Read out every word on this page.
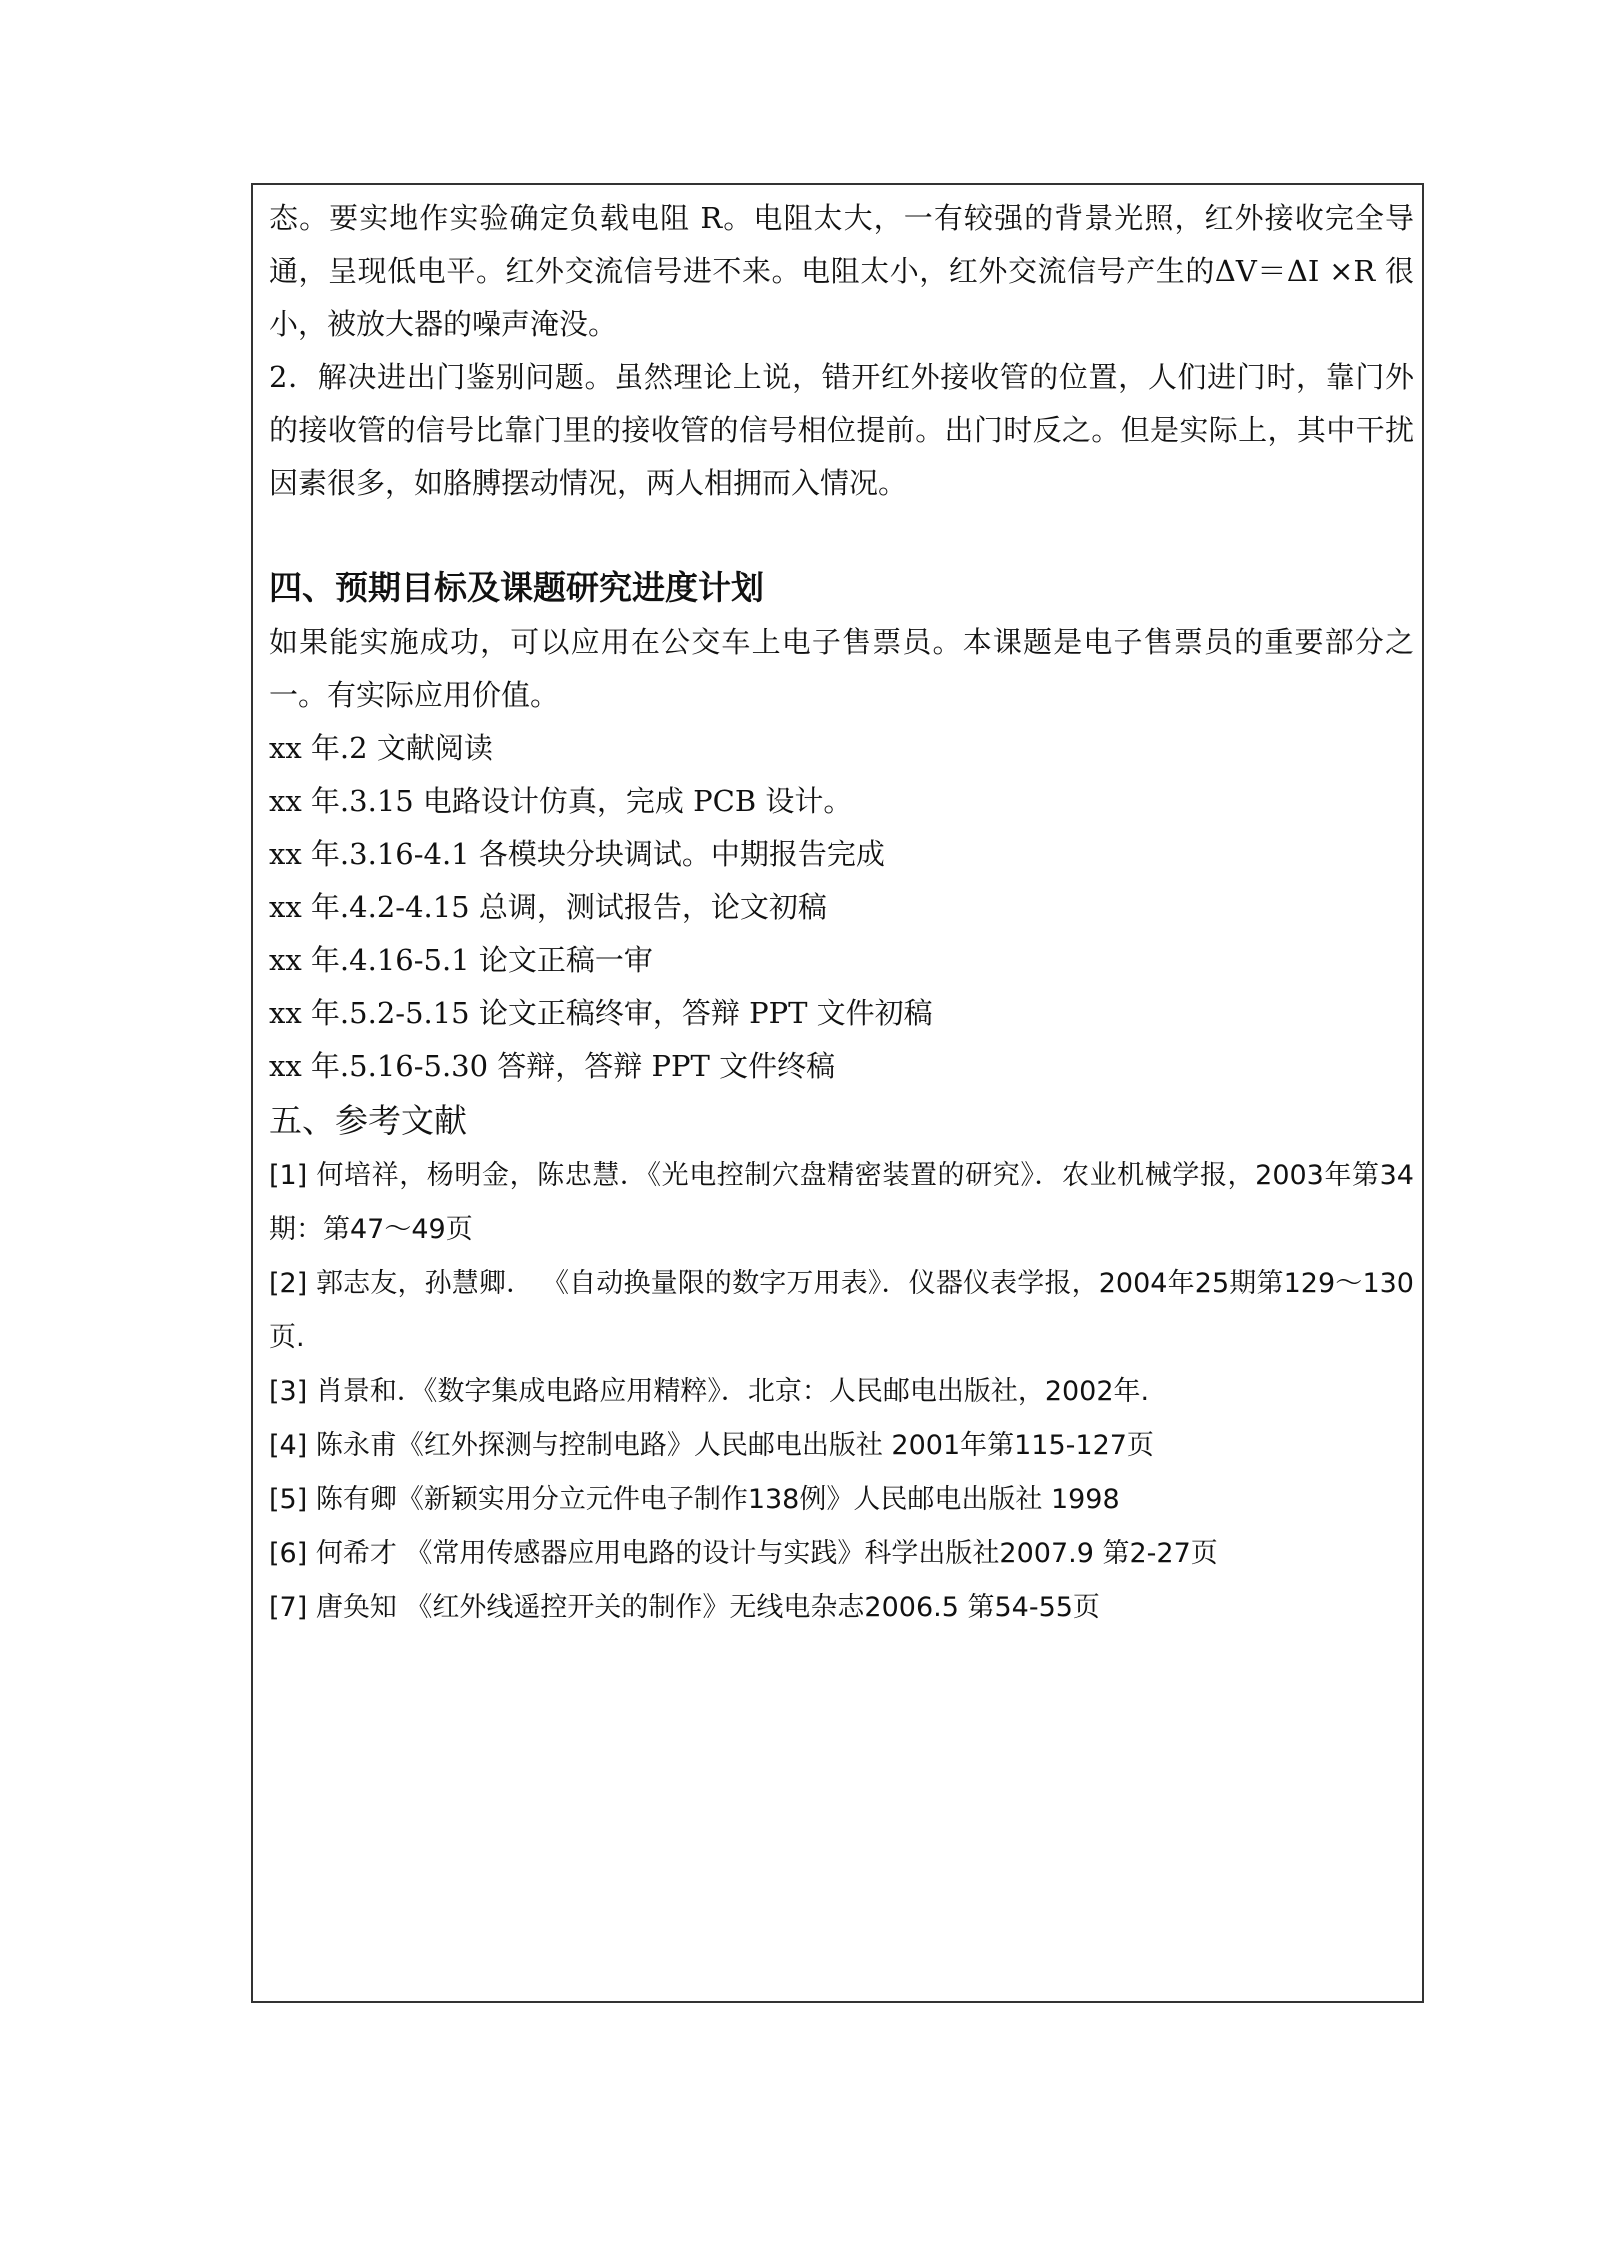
态。要实地作实验确定负载电阻 R。电阻太大，一有较强的背景光照，红外接收完全导通，呈现低电平。红外交流信号进不来。电阻太小，红外交流信号产生的ΔV＝ΔI ×R 很小，被放大器的噪声淹没。

2．解决进出门鉴别问题。虽然理论上说，错开红外接收管的位置，人们进门时，靠门外的接收管的信号比靠门里的接收管的信号相位提前。出门时反之。但是实际上，其中干扰因素很多，如胳膊摆动情况，两人相拥而入情况。

四、预期目标及课题研究进度计划

如果能实施成功，可以应用在公交车上电子售票员。本课题是电子售票员的重要部分之一。有实际应用价值。

xx 年.2 文献阅读

xx 年.3.15 电路设计仿真，完成 PCB 设计。

xx 年.3.16-4.1 各模块分块调试。中期报告完成

xx 年.4.2-4.15 总调，测试报告，论文初稿

xx 年.4.16-5.1 论文正稿一审

xx 年.5.2-5.15 论文正稿终审，答辩 PPT 文件初稿

xx 年.5.16-5.30 答辩，答辩 PPT 文件终稿

五、参考文献

[1] 何培祥，杨明金，陈忠慧．《光电控制穴盘精密装置的研究》．农业机械学报，2003年第34期：第47～49页

[2] 郭志友，孙慧卿． 《自动换量限的数字万用表》．仪器仪表学报，2004年25期第129～130页.

[3] 肖景和．《数字集成电路应用精粹》．北京：人民邮电出版社，2002年.

[4] 陈永甫《红外探测与控制电路》人民邮电出版社 2001年第115-127页

[5] 陈有卿《新颖实用分立元件电子制作138例》人民邮电出版社 1998

[6] 何希才 《常用传感器应用电路的设计与实践》科学出版社2007.9 第2-27页

[7] 唐奂知 《红外线遥控开关的制作》无线电杂志2006.5 第54-55页
